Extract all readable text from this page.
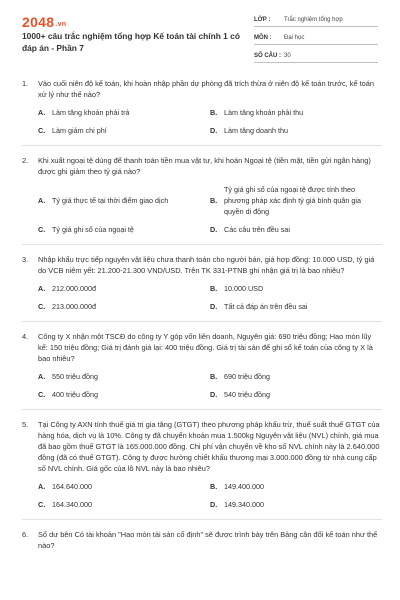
2048.vn
1000+ câu trắc nghiệm tổng hợp Kế toán tài chính 1 có đáp án - Phần 7
LỚP :	Trắc nghiệm tổng hợp
MÔN :	Đại học
SỐ CÂU : 30
1.	Vào cuối niên độ kế toán, khi hoàn nhập phần dự phòng đã trích thừa ở niên độ kế toán trước, kế toán xử lý như thế nào?
A. Làm tăng khoản phải trả	B. Làm tăng khoản phải thu
C. Làm giảm chi phí	D. Làm tăng doanh thu
2.	Khi xuất ngoại tệ dùng để thanh toán tiền mua vật tư, khi hoán Ngoại tệ (tiền mặt, tiền gửi ngân hàng) được ghi giảm theo tỷ giá nào?
A. Tỷ giá thực tế tại thời điểm giao dịch	B.
Tỷ giá ghi sổ của ngoại tệ được tính theo phương pháp xác định tỷ giá bình quân gia quyền di động
C. Tỷ giá ghi sổ của ngoại tệ	D. Các câu trên đều sai
3.	Nhập khẩu trực tiếp nguyên vật liệu chưa thanh toán cho người bán, giá hợp đồng: 10.000 USD, tỷ giá do VCB niêm yết: 21.200-21.300 VND/USD. Trên TK 331-PTNB ghi nhận giá trị là bao nhiêu?
A. 212.000.000đ	B. 10.000 USD
C. 213.000.000đ	D. Tất cả đáp án trên đều sai
4.	Công ty X nhận một TSCĐ do công ty Y góp vốn liên doanh, Nguyên giá: 690 triệu đồng; Hao mòn lũy kế: 150 triệu đồng; Giá trị đánh giá lại: 400 triệu đồng. Giá trị tài sản để ghi sổ kế toán của công ty X là bao nhiêu?
A. 550 triệu đồng	B. 690 triệu đồng
C. 400 triệu đồng	D. 540 triệu đồng
5.	Tại Công ty AXN tính thuế giá trị gia tăng (GTGT) theo phương pháp khấu trừ, thuế suất thuế GTGT của hàng hóa, dịch vụ là 10%. Công ty đã chuyển khoản mua 1.500kg Nguyên vật liệu (NVL) chính, giá mua đã bao gồm thuế GTGT là 165.000.000 đồng. Chi phí vận chuyển về kho số NVL chính này là 2.640.000 đồng (đã có thuế GTGT). Công ty được hưởng chiết khấu thương mại 3.000.000 đồng từ nhà cung cấp số NVL chính. Giá gốc của lô NVL này là bao nhiêu?
A. 164.640.000	B. 149.400.000
C. 164.340.000	D. 149.340.000
6.	Số dư bên Có tài khoản "Hao mòn tài sản cố định" sẽ được trình bày trên Bảng cân đối kế toán như thế nào?
